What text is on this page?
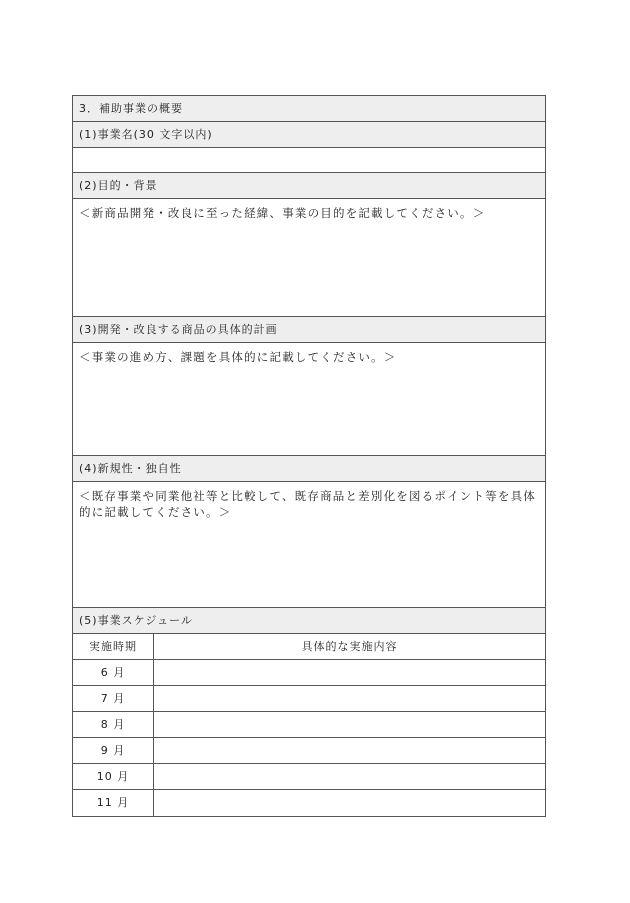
3．補助事業の概要
(1)事業名(30 文字以内)
(2)目的・背景
＜新商品開発・改良に至った経緯、事業の目的を記載してください。＞
(3)開発・改良する商品の具体的計画
＜事業の進め方、課題を具体的に記載してください。＞
(4)新規性・独自性
＜既存事業や同業他社等と比較して、既存商品と差別化を図るポイント等を具体的に記載してください。＞
(5)事業スケジュール
実施時期	具体的な実施内容
6 月
7 月
8 月
9 月
10 月
11 月
